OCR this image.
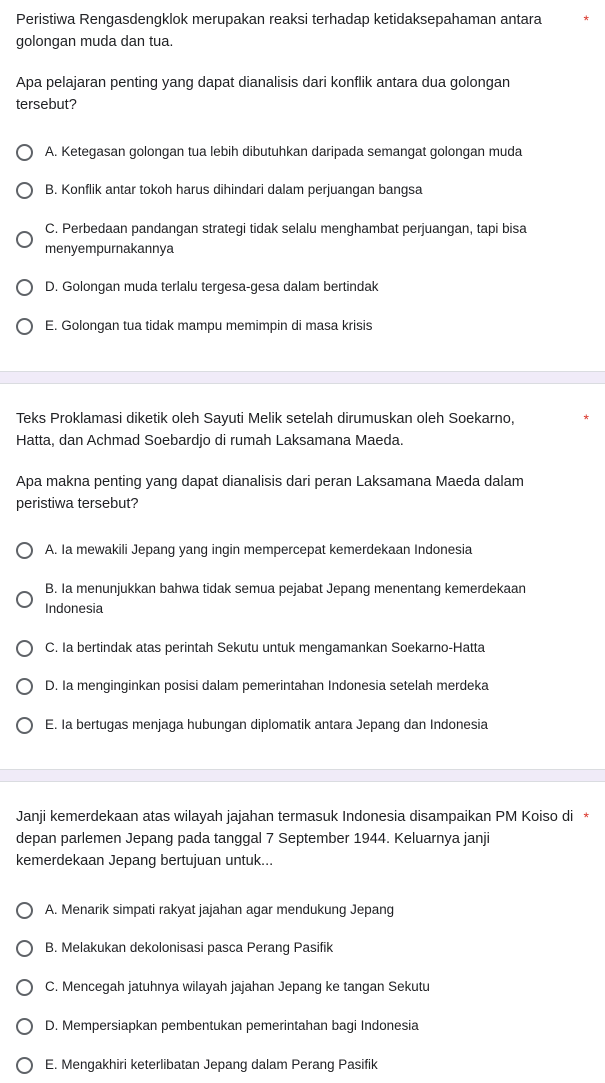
Peristiwa Rengasdengklok merupakan reaksi terhadap ketidaksepahaman antara golongan muda dan tua.

*

Apa pelajaran penting yang dapat dianalisis dari konflik antara dua golongan tersebut?

A. Ketegasan golongan tua lebih dibutuhkan daripada semangat golongan muda
B. Konflik antar tokoh harus dihindari dalam perjuangan bangsa
C. Perbedaan pandangan strategi tidak selalu menghambat perjuangan, tapi bisa menyempurnakannya
D. Golongan muda terlalu tergesa-gesa dalam bertindak
E. Golongan tua tidak mampu memimpin di masa krisis

Teks Proklamasi diketik oleh Sayuti Melik setelah dirumuskan oleh Soekarno, Hatta, dan Achmad Soebardjo di rumah Laksamana Maeda.

*

Apa makna penting yang dapat dianalisis dari peran Laksamana Maeda dalam peristiwa tersebut?

A. Ia mewakili Jepang yang ingin mempercepat kemerdekaan Indonesia
B. Ia menunjukkan bahwa tidak semua pejabat Jepang menentang kemerdekaan Indonesia
C. Ia bertindak atas perintah Sekutu untuk mengamankan Soekarno-Hatta
D. Ia menginginkan posisi dalam pemerintahan Indonesia setelah merdeka
E. Ia bertugas menjaga hubungan diplomatik antara Jepang dan Indonesia

Janji kemerdekaan atas wilayah jajahan termasuk Indonesia disampaikan PM Koiso di depan parlemen Jepang pada tanggal 7 September 1944. Keluarnya janji kemerdekaan Jepang bertujuan untuk...

*
A. Menarik simpati rakyat jajahan agar mendukung Jepang
B. Melakukan dekolonisasi pasca Perang Pasifik
C. Mencegah jatuhnya wilayah jajahan Jepang ke tangan Sekutu
D. Mempersiapkan pembentukan pemerintahan bagi Indonesia
E. Mengakhiri keterlibatan Jepang dalam Perang Pasifik
